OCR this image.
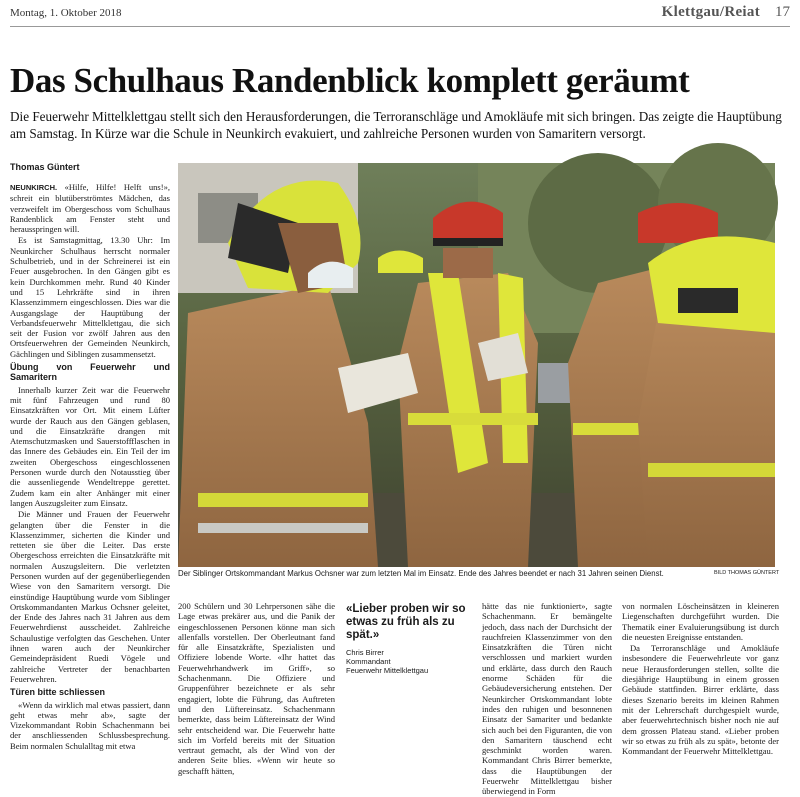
Montag, 1. Oktober 2018	Klettgau/Reiat 17
Das Schulhaus Randenblick komplett geräumt
Die Feuerwehr Mittelklettgau stellt sich den Herausforderungen, die Terroranschläge und Amokläufe mit sich bringen. Das zeigte die Hauptübung am Samstag. In Kürze war die Schule in Neunkirch evakuiert, und zahlreiche Personen wurden von Samaritern versorgt.
Thomas Güntert

NEUNKIRCH. «Hilfe, Hilfe! Helft uns!», schreit ein blutüberströmtes Mädchen, das verzweifelt im Obergeschoss vom Schulhaus Randenblick am Fenster steht und herausspringen will.

Es ist Samstagmittag, 13.30 Uhr: Im Neunkircher Schulhaus herrscht normaler Schulbetrieb, und in der Schreinerei ist ein Feuer ausgebrochen. In den Gängen gibt es kein Durchkommen mehr. Rund 40 Kinder und 15 Lehrkräfte sind in ihren Klassenzimmern eingeschlossen. Dies war die Ausgangslage der Hauptübung der Verbandsfeuerwehr Mittelklettgau, die sich seit der Fusion vor zwölf Jahren aus den Ortsfeuerwehren der Gemeinden Neunkirch, Gächlingen und Siblingen zusammensetzt.

Übung von Feuerwehr und Samaritern

Innerhalb kurzer Zeit war die Feuerwehr mit fünf Fahrzeugen und rund 80 Einsatzkräften vor Ort. Mit einem Lüfter wurde der Rauch aus den Gängen geblasen, und die Einsatzkräfte drangen mit Atemschutzmasken und Sauerstoffflaschen in das Innere des Gebäudes ein. Ein Teil der im zweiten Obergeschoss eingeschlossenen Personen wurde durch den Notausstieg über die aussenliegende Wendeltreppe gerettet. Zudem kam ein alter Anhänger mit einer langen Auszugsleiter zum Einsatz.

Die Männer und Frauen der Feuerwehr gelangten über die Fenster in die Klassenzimmer, sicherten die Kinder und retteten sie über die Leiter. Das erste Obergeschoss erreichten die Einsatzkräfte mit normalen Auszugsleitern. Die verletzten Personen wurden auf der gegenüberliegenden Wiese von den Samaritern versorgt. Die einstündige Hauptübung wurde vom Siblinger Ortskommandanten Markus Ochsner geleitet, der Ende des Jahres nach 31 Jahren aus dem Feuerwehrdienst ausscheidet. Zahlreiche Schaulustige verfolgten das Geschehen. Unter ihnen waren auch der Neunkircher Gemeindepräsident Ruedi Vögele und zahlreiche Vertreter der benachbarten Feuerwehren.

Türen bitte schliessen

«Wenn da wirklich mal etwas passiert, dann geht etwas mehr ab», sagte der Vizekommandant Robin Schachenmann bei der anschliessenden Schlussbesprechung. Beim normalen Schulalltag mit etwa

Der Siblinger Ortskommandant Markus Ochsner war zum letzten Mal im Einsatz. Ende des Jahres beendet er nach 31 Jahren seinen Dienst.	BILD THOMAS GÜNTERT

200 Schülern und 30 Lehrpersonen sähe die Lage etwas prekärer aus, und die Panik der eingeschlossenen Personen könne man sich allenfalls vorstellen. Der Oberleutnant fand für alle Einsatzkräfte, Spezialisten und Offiziere lobende Worte. «Ihr hattet das Feuerwehrhandwerk im Griff», so Schachenmann. Die Offiziere und Gruppenführer bezeichnete er als sehr engagiert, lobte die Führung, das Auftreten und den Lüftereinsatz. Schachenmann bemerkte, dass beim Lüftereinsatz der Wind sehr entscheidend war. Die Feuerwehr hatte sich im Vorfeld bereits mit der Situation vertraut gemacht, als der Wind von der anderen Seite blies. «Wenn wir heute so geschafft hätten,

«Lieber proben wir so etwas zu früh als zu spät.»
Chris Birrer
Kommandant
Feuerwehr Mittelklettgau

hätte das nie funktioniert», sagte Schachenmann. Er bemängelte jedoch, dass nach der Durchsicht der rauchfreien Klassenzimmer von den Einsatzkräften die Türen nicht verschlossen und markiert wurden und erklärte, dass durch den Rauch enorme Schäden für die Gebäudeversicherung entstehen. Der Neunkircher Ortskommandant lobte indes den ruhigen und besonnenen Einsatz der Samariter und bedankte sich auch bei den Figuranten, die von den Samaritern täuschend echt geschminkt worden waren. Kommandant Chris Birrer bemerkte, dass die Hauptübungen der Feuerwehr Mittelklettgau bisher überwiegend in Form

von normalen Löscheinsätzen in kleineren Liegenschaften durchgeführt wurden. Die Thematik einer Evaluierungsübung ist durch die neuesten Ereignisse entstanden.

Da Terroranschläge und Amokläufe insbesondere die Feuerwehrleute vor ganz neue Herausforderungen stellen, sollte die diesjährige Hauptübung in einem grossen Gebäude stattfinden. Birrer erklärte, dass dieses Szenario bereits im kleinen Rahmen mit der Lehrerschaft durchgespielt wurde, aber feuerwehrtechnisch bisher noch nie auf dem grossen Plateau stand. «Lieber proben wir so etwas zu früh als zu spät», betonte der Kommandant der Feuerwehr Mittelklettgau.
